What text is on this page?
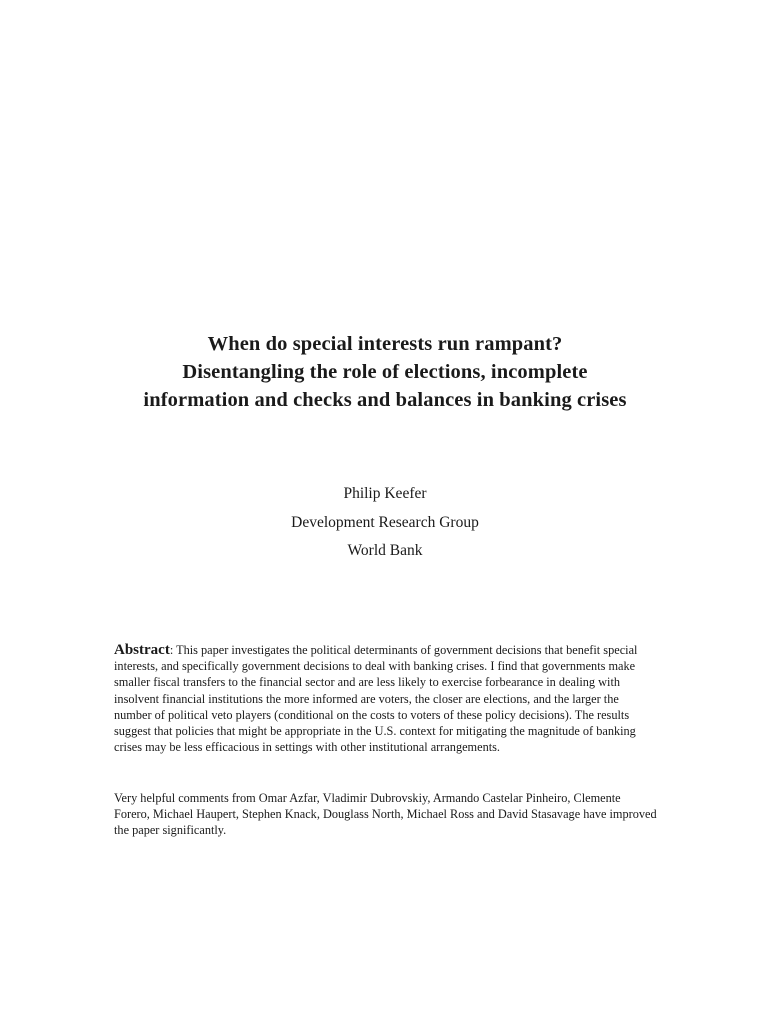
When do special interests run rampant?
Disentangling the role of elections, incomplete
information and checks and balances in banking crises
Philip Keefer
Development Research Group
World Bank
Abstract: This paper investigates the political determinants of government decisions that benefit special interests, and specifically government decisions to deal with banking crises. I find that governments make smaller fiscal transfers to the financial sector and are less likely to exercise forbearance in dealing with insolvent financial institutions the more informed are voters, the closer are elections, and the larger the number of political veto players (conditional on the costs to voters of these policy decisions). The results suggest that policies that might be appropriate in the U.S. context for mitigating the magnitude of banking crises may be less efficacious in settings with other institutional arrangements.
Very helpful comments from Omar Azfar, Vladimir Dubrovskiy, Armando Castelar Pinheiro, Clemente Forero, Michael Haupert, Stephen Knack, Douglass North, Michael Ross and David Stasavage have improved the paper significantly.
